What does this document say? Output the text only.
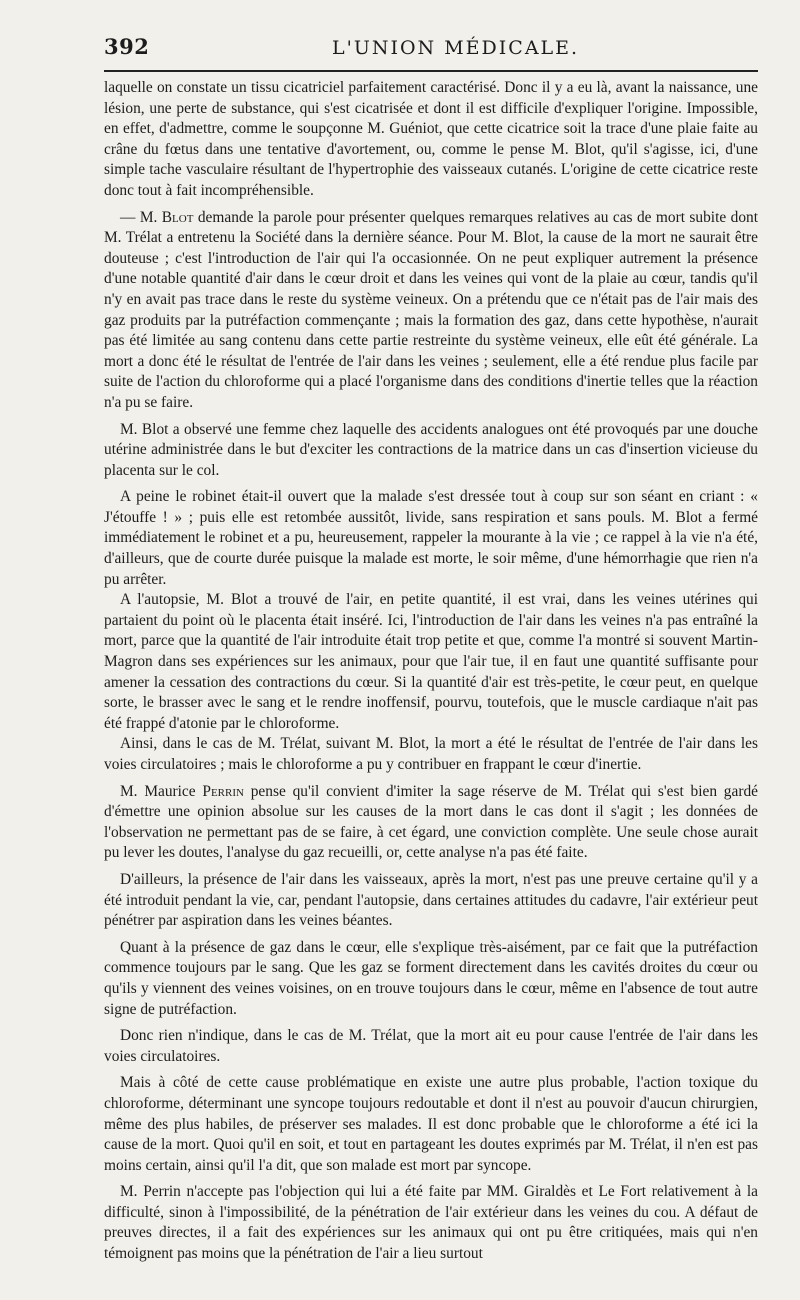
392	L'UNION MÉDICALE.

laquelle on constate un tissu cicatriciel parfaitement caractérisé. Donc il y a eu là, avant la naissance, une lésion, une perte de substance, qui s'est cicatrisée et dont il est difficile d'expliquer l'origine. Impossible, en effet, d'admettre, comme le soupçonne M. Guéniot, que cette cicatrice soit la trace d'une plaie faite au crâne du fœtus dans une tentative d'avortement, ou, comme le pense M. Blot, qu'il s'agisse, ici, d'une simple tache vasculaire résultant de l'hypertrophie des vaisseaux cutanés. L'origine de cette cicatrice reste donc tout à fait incompréhensible.

— M. Blot demande la parole pour présenter quelques remarques relatives au cas de mort subite dont M. Trélat a entretenu la Société dans la dernière séance. Pour M. Blot, la cause de la mort ne saurait être douteuse ; c'est l'introduction de l'air qui l'a occasionnée. On ne peut expliquer autrement la présence d'une notable quantité d'air dans le cœur droit et dans les veines qui vont de la plaie au cœur, tandis qu'il n'y en avait pas trace dans le reste du système veineux. On a prétendu que ce n'était pas de l'air mais des gaz produits par la putréfaction commençante ; mais la formation des gaz, dans cette hypothèse, n'aurait pas été limitée au sang contenu dans cette partie restreinte du système veineux, elle eût été générale. La mort a donc été le résultat de l'entrée de l'air dans les veines ; seulement, elle a été rendue plus facile par suite de l'action du chloroforme qui a placé l'organisme dans des conditions d'inertie telles que la réaction n'a pu se faire.

M. Blot a observé une femme chez laquelle des accidents analogues ont été provoqués par une douche utérine administrée dans le but d'exciter les contractions de la matrice dans un cas d'insertion vicieuse du placenta sur le col.

A peine le robinet était-il ouvert que la malade s'est dressée tout à coup sur son séant en criant : « J'étouffe ! » ; puis elle est retombée aussitôt, livide, sans respiration et sans pouls. M. Blot a fermé immédiatement le robinet et a pu, heureusement, rappeler la mourante à la vie ; ce rappel à la vie n'a été, d'ailleurs, que de courte durée puisque la malade est morte, le soir même, d'une hémorrhagie que rien n'a pu arrêter.

A l'autopsie, M. Blot a trouvé de l'air, en petite quantité, il est vrai, dans les veines utérines qui partaient du point où le placenta était inséré. Ici, l'introduction de l'air dans les veines n'a pas entraîné la mort, parce que la quantité de l'air introduite était trop petite et que, comme l'a montré si souvent Martin-Magron dans ses expériences sur les animaux, pour que l'air tue, il en faut une quantité suffisante pour amener la cessation des contractions du cœur. Si la quantité d'air est très-petite, le cœur peut, en quelque sorte, le brasser avec le sang et le rendre inoffensif, pourvu, toutefois, que le muscle cardiaque n'ait pas été frappé d'atonie par le chloroforme.

Ainsi, dans le cas de M. Trélat, suivant M. Blot, la mort a été le résultat de l'entrée de l'air dans les voies circulatoires ; mais le chloroforme a pu y contribuer en frappant le cœur d'inertie.

M. Maurice Perrin pense qu'il convient d'imiter la sage réserve de M. Trélat qui s'est bien gardé d'émettre une opinion absolue sur les causes de la mort dans le cas dont il s'agit ; les données de l'observation ne permettant pas de se faire, à cet égard, une conviction complète. Une seule chose aurait pu lever les doutes, l'analyse du gaz recueilli, or, cette analyse n'a pas été faite.

D'ailleurs, la présence de l'air dans les vaisseaux, après la mort, n'est pas une preuve certaine qu'il y a été introduit pendant la vie, car, pendant l'autopsie, dans certaines attitudes du cadavre, l'air extérieur peut pénétrer par aspiration dans les veines béantes.

Quant à la présence de gaz dans le cœur, elle s'explique très-aisément, par ce fait que la putréfaction commence toujours par le sang. Que les gaz se forment directement dans les cavités droites du cœur ou qu'ils y viennent des veines voisines, on en trouve toujours dans le cœur, même en l'absence de tout autre signe de putréfaction.

Donc rien n'indique, dans le cas de M. Trélat, que la mort ait eu pour cause l'entrée de l'air dans les voies circulatoires.

Mais à côté de cette cause problématique en existe une autre plus probable, l'action toxique du chloroforme, déterminant une syncope toujours redoutable et dont il n'est au pouvoir d'aucun chirurgien, même des plus habiles, de préserver ses malades. Il est donc probable que le chloroforme a été ici la cause de la mort. Quoi qu'il en soit, et tout en partageant les doutes exprimés par M. Trélat, il n'en est pas moins certain, ainsi qu'il l'a dit, que son malade est mort par syncope.

M. Perrin n'accepte pas l'objection qui lui a été faite par MM. Giraldès et Le Fort relativement à la difficulté, sinon à l'impossibilité, de la pénétration de l'air extérieur dans les veines du cou. A défaut de preuves directes, il a fait des expériences sur les animaux qui ont pu être critiquées, mais qui n'en témoignent pas moins que la pénétration de l'air a lieu surtout
